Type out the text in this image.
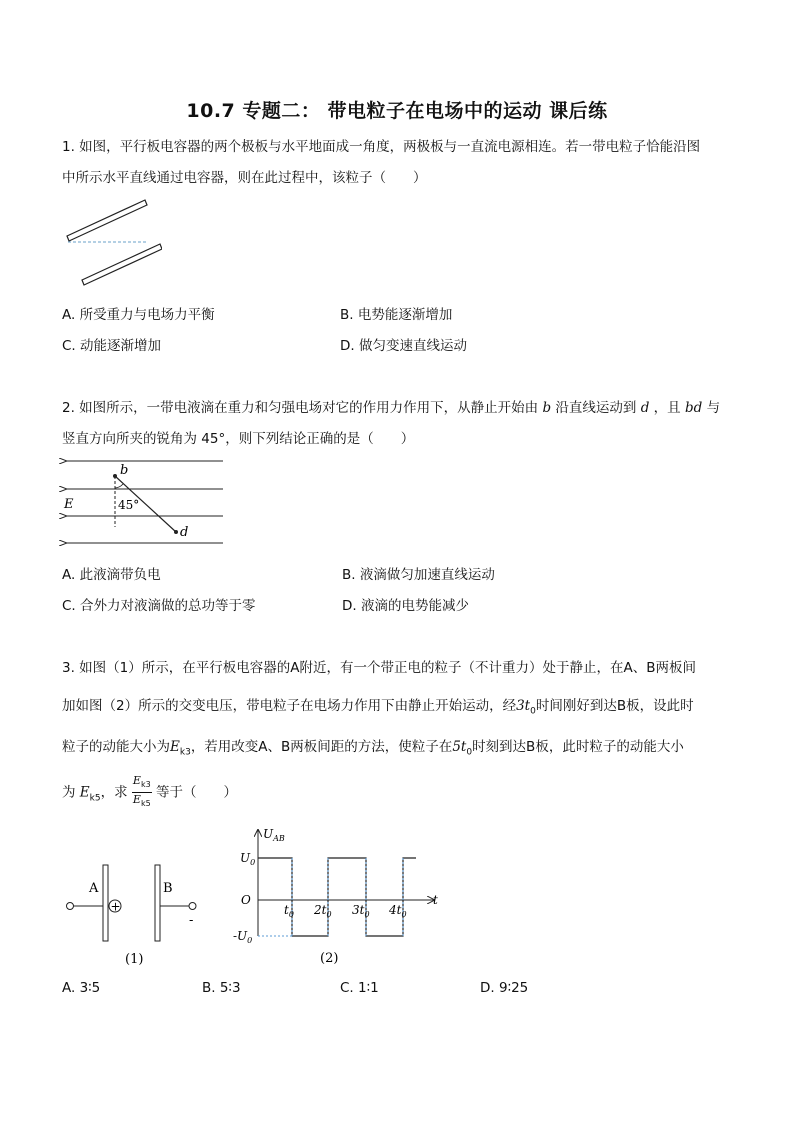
10.7 专题二： 带电粒子在电场中的运动 课后练
1. 如图，平行板电容器的两个极板与水平地面成一角度，两极板与一直流电源相连。若一带电粒子恰能沿图
中所示水平直线通过电容器，则在此过程中，该粒子（　　）
A. 所受重力与电场力平衡	B. 电势能逐渐增加
C. 动能逐渐增加	D. 做匀变速直线运动
2. 如图所示，一带电液滴在重力和匀强电场对它的作用力作用下，从静止开始由 b 沿直线运动到 d ，且 bd 与
竖直方向所夹的锐角为 45°，则下列结论正确的是（　　）
b
d
E	45°
A. 此液滴带负电	B. 液滴做匀加速直线运动
C. 合外力对液滴做的总功等于零	D. 液滴的电势能减少
3. 如图（1）所示，在平行板电容器的A附近，有一个带正电的粒子（不计重力）处于静止，在A、B两板间
加如图（2）所示的交变电压，带电粒子在电场力作用下由静止开始运动，经$3t_0$时间刚好到达B板，设此时
粒子的动能大小为$E_{k3}$，若用改变A、B两板间距的方法，使粒子在$5t_0$时刻到达B板，此时粒子的动能大小
为 $E_{k5}$，求 $\frac{E_{k3}}{E_{k5}}$ 等于（　　）
A
+
B
-
(1)
$U_{AB}$
$U_0$
$-U_0$
O	t
$t_0$ $2t_0$ $3t_0$ $4t_0$
(2)
A. 3∶5	B. 5∶3	C. 1∶1	D. 9∶25
